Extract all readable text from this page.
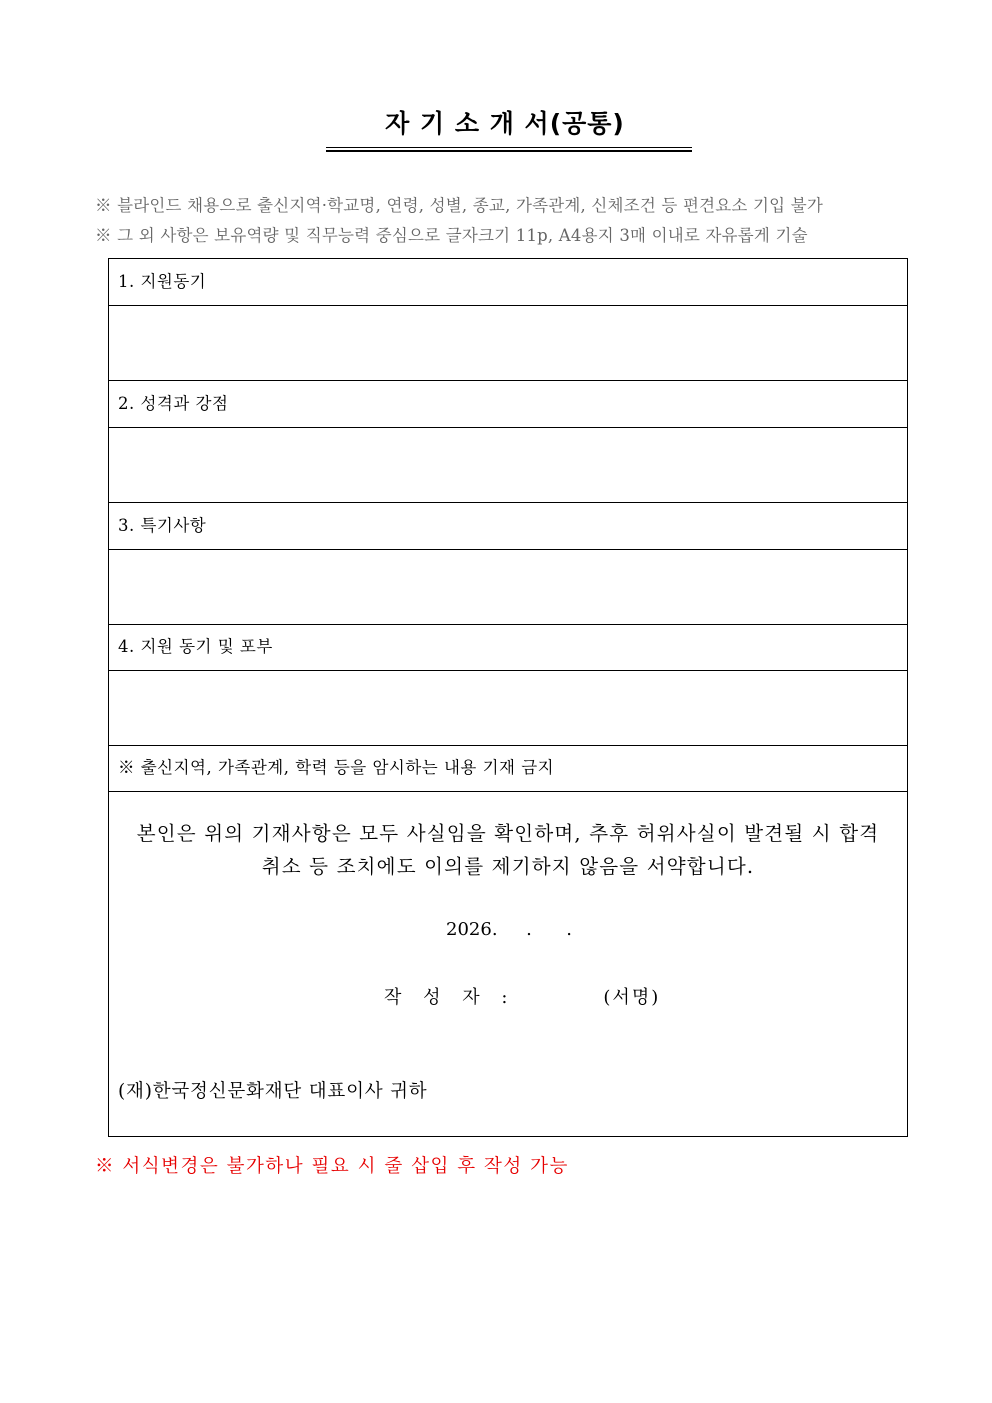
자 기 소 개 서(공통)
※ 블라인드 채용으로 출신지역·학교명, 연령, 성별, 종교, 가족관계, 신체조건 등 편견요소 기입 불가
※ 그 외 사항은 보유역량 및 직무능력 중심으로 글자크기 11p, A4용지 3매 이내로 자유롭게 기술
1. 지원동기
2. 성격과 강점
3. 특기사항
4. 지원 동기 및 포부
※ 출신지역, 가족관계, 학력 등을 암시하는 내용 기재 금지
본인은 위의 기재사항은 모두 사실임을 확인하며, 추후 허위사실이 발견될 시 합격
취소 등 조치에도 이의를 제기하지 않음을 서약합니다.
2026.     .      .
작 성 자 :	(서명)
(재)한국정신문화재단 대표이사 귀하
※ 서식변경은 불가하나 필요 시 줄 삽입 후 작성 가능
